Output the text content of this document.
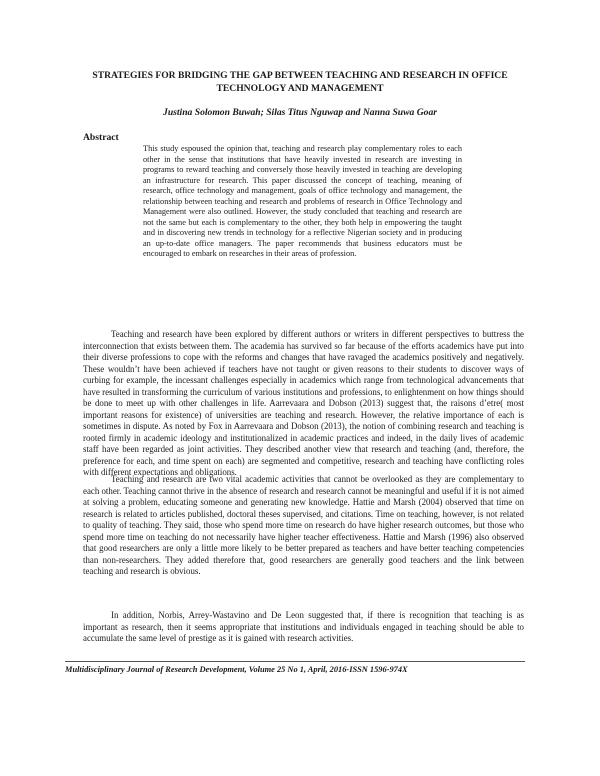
STRATEGIES FOR BRIDGING THE GAP BETWEEN TEACHING AND RESEARCH IN OFFICE TECHNOLOGY AND MANAGEMENT
Justina Solomon Buwah; Silas Titus Nguwap and Nanna Suwa Goar
Abstract
This study espoused the opinion that, teaching and research play complementary roles to each other in the sense that institutions that have heavily invested in research are investing in programs to reward teaching and conversely those heavily invested in teaching are developing an infrastructure for research. This paper discussed the concept of teaching, meaning of research, office technology and management, goals of office technology and management, the relationship between teaching and research and problems of research in Office Technology and Management were also outlined. However, the study concluded that teaching and research are not the same but each is complementary to the other, they both help in empowering the taught and in discovering new trends in technology for a reflective Nigerian society and in producing an up-to-date office managers. The paper recommends that business educators must be encouraged to embark on researches in their areas of profession.
Teaching and research have been explored by different authors or writers in different perspectives to buttress the interconnection that exists between them. The academia has survived so far because of the efforts academics have put into their diverse professions to cope with the reforms and changes that have ravaged the academics positively and negatively. These wouldn’t have been achieved if teachers have not taught or given reasons to their students to discover ways of curbing for example, the incessant challenges especially in academics which range from technological advancements that have resulted in transforming the curriculum of various institutions and professions, to enlightenment on how things should be done to meet up with other challenges in life. Aarrevaara and Dobson (2013) suggest that, the raisons d’etre( most important reasons for existence) of universities are teaching and research. However, the relative importance of each is sometimes in dispute. As noted by Fox in Aarrevaara and Dobson (2013), the notion of combining research and teaching is rooted firmly in academic ideology and institutionalized in academic practices and indeed, in the daily lives of academic staff have been regarded as joint activities. They described another view that research and teaching (and, therefore, the preference for each, and time spent on each) are segmented and competitive, research and teaching have conflicting roles with different expectations and obligations.
Teaching and research are two vital academic activities that cannot be overlooked as they are complementary to each other. Teaching cannot thrive in the absence of research and research cannot be meaningful and useful if it is not aimed at solving a problem, educating someone and generating new knowledge. Hattie and Marsh (2004) observed that time on research is related to articles published, doctoral theses supervised, and citations. Time on teaching, however, is not related to quality of teaching. They said, those who spend more time on research do have higher research outcomes, but those who spend more time on teaching do not necessarily have higher teacher effectiveness. Hattie and Marsh (1996) also observed that good researchers are only a little more likely to be better prepared as teachers and have better teaching competencies than non-researchers. They added therefore that, good researchers are generally good teachers and the link between teaching and research is obvious.
In addition, Norbis, Arrey-Wastavino and De Leon suggested that, if there is recognition that teaching is as important as research, then it seems appropriate that institutions and individuals engaged in teaching should be able to accumulate the same level of prestige as it is gained with research activities.
Multidisciplinary Journal of Research Development, Volume 25 No 1, April, 2016-ISSN 1596-974X
